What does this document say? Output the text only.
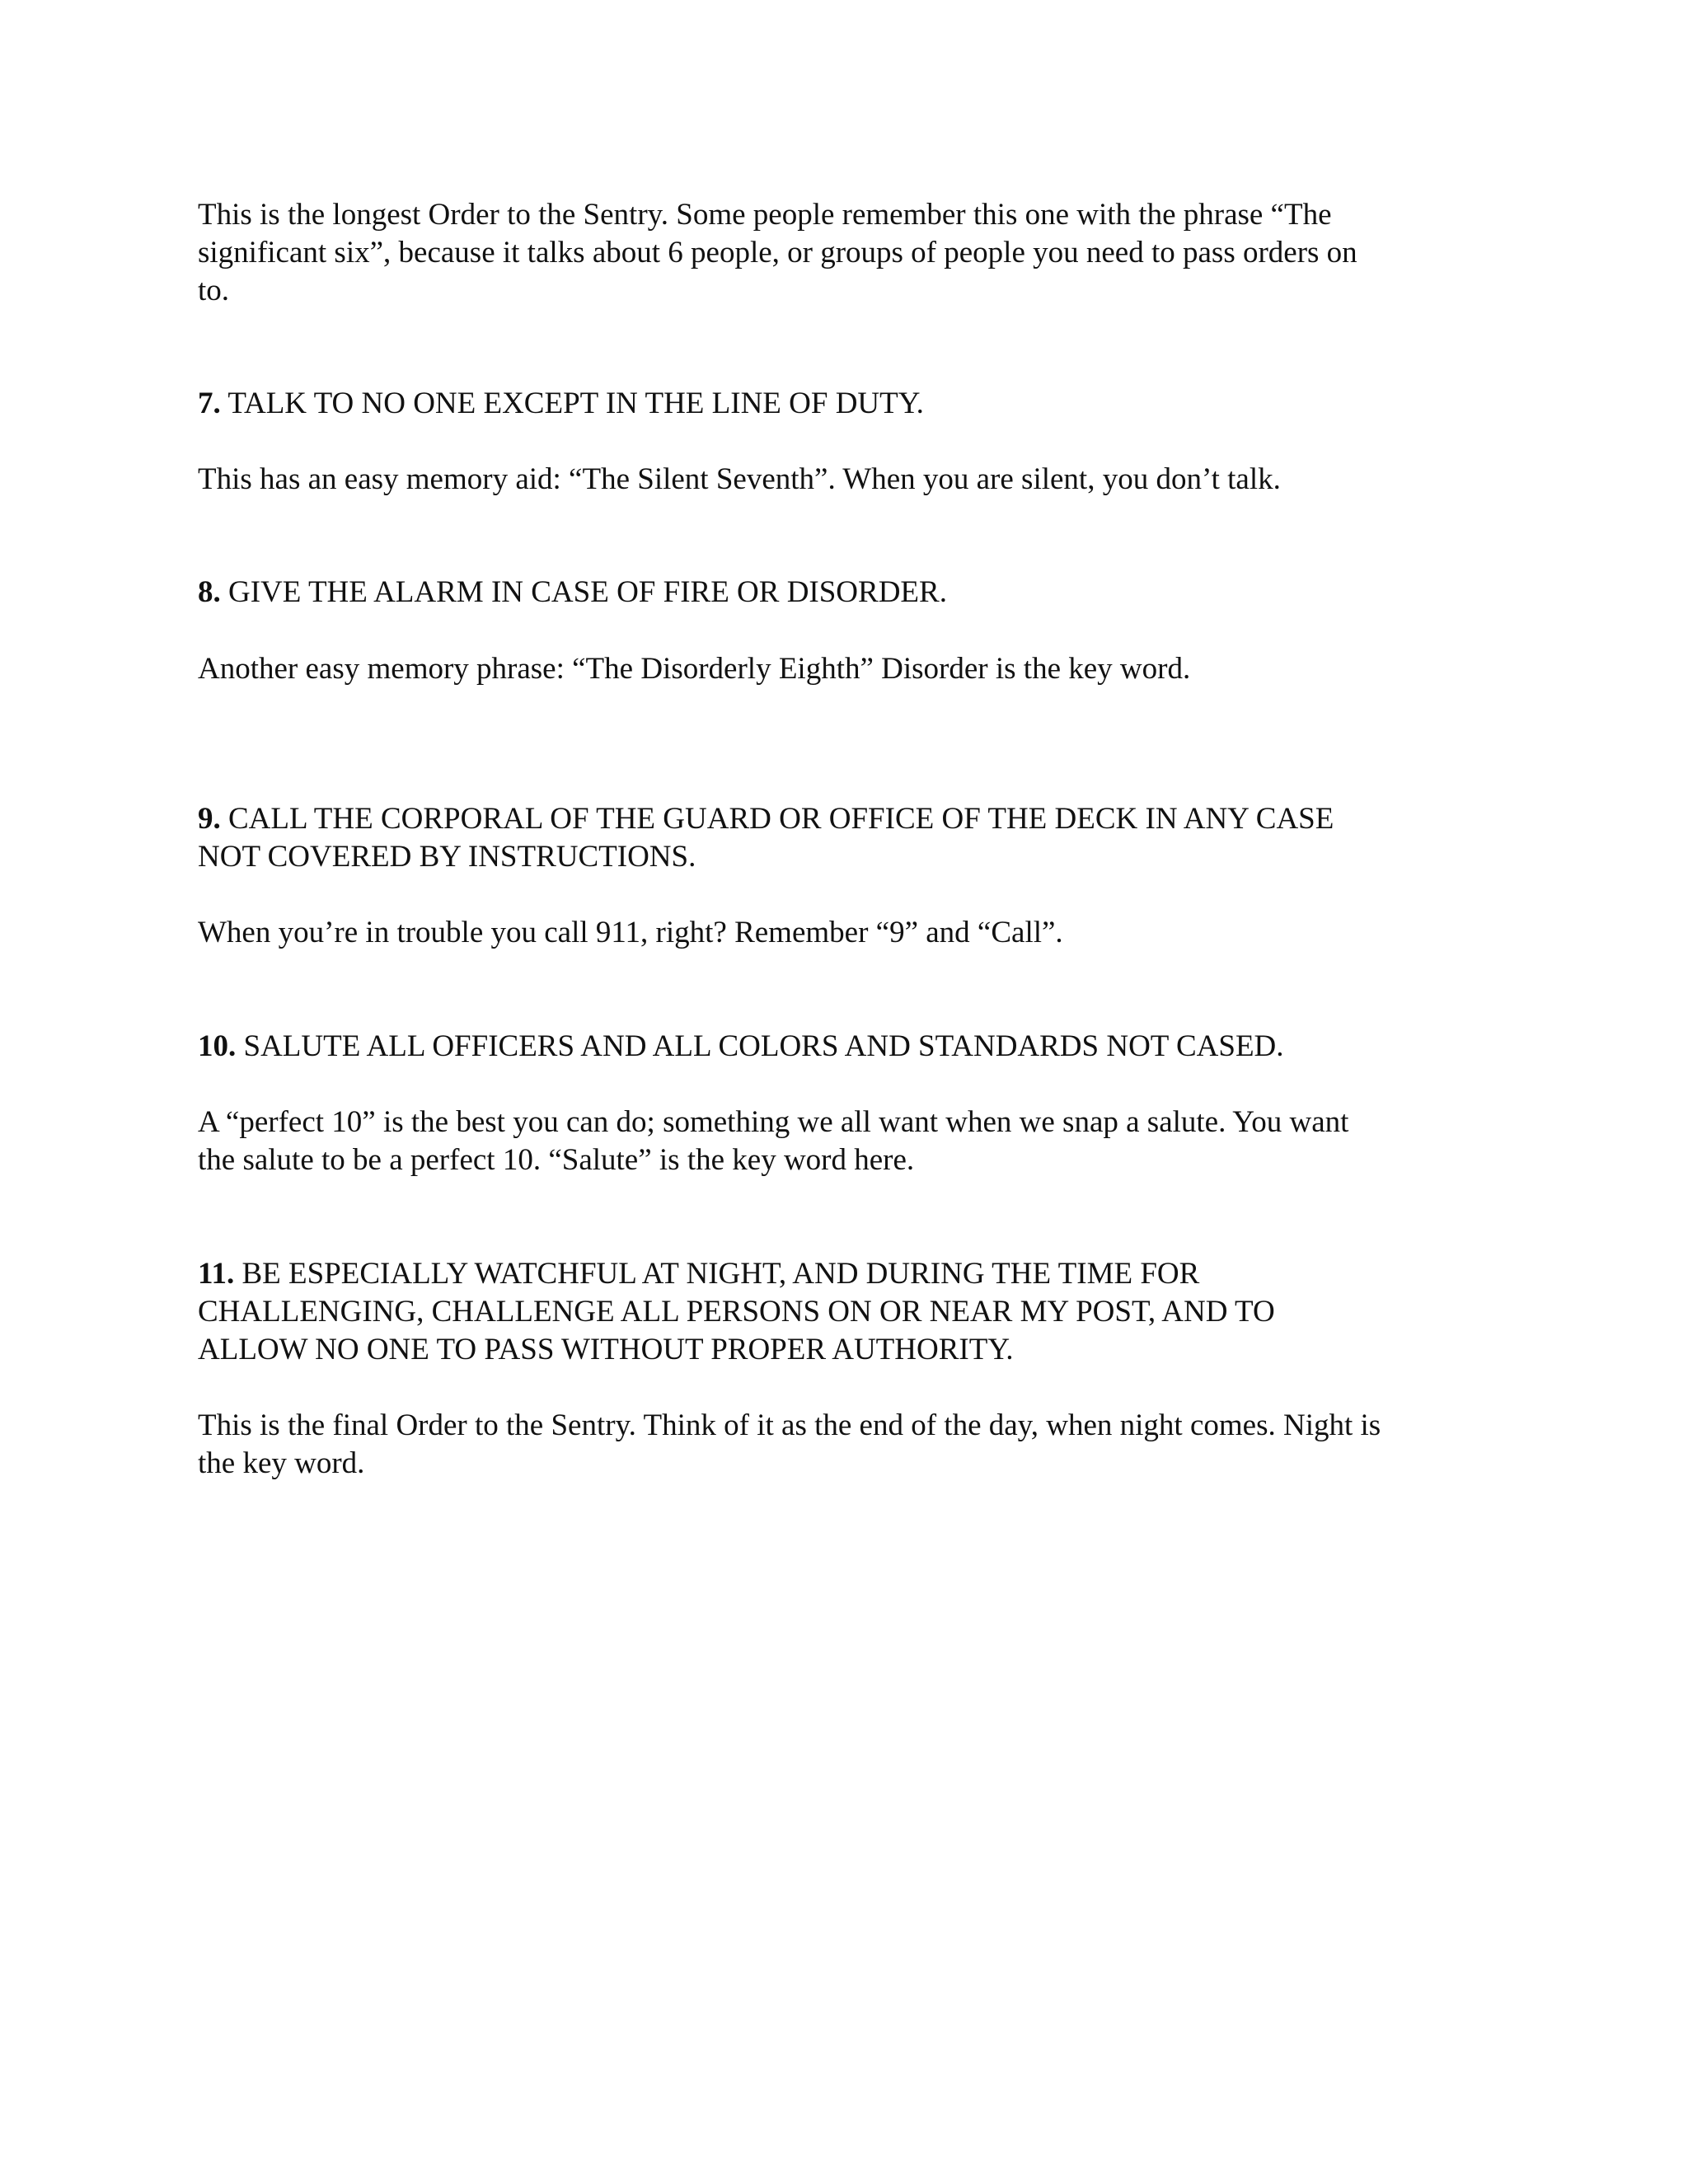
This is the longest Order to the Sentry. Some people remember this one with the phrase “The
significant six”, because it talks about 6 people, or groups of people you need to pass orders on
to.

7. TALK TO NO ONE EXCEPT IN THE LINE OF DUTY.

This has an easy memory aid: “The Silent Seventh”. When you are silent, you don’t talk.

8. GIVE THE ALARM IN CASE OF FIRE OR DISORDER.

Another easy memory phrase: “The Disorderly Eighth” Disorder is the key word.

9. CALL THE CORPORAL OF THE GUARD OR OFFICE OF THE DECK IN ANY CASE
NOT COVERED BY INSTRUCTIONS.

When you’re in trouble you call 911, right? Remember “9” and “Call”.

10. SALUTE ALL OFFICERS AND ALL COLORS AND STANDARDS NOT CASED.

A “perfect 10” is the best you can do; something we all want when we snap a salute. You want
the salute to be a perfect 10. “Salute” is the key word here.

11. BE ESPECIALLY WATCHFUL AT NIGHT, AND DURING THE TIME FOR
CHALLENGING, CHALLENGE ALL PERSONS ON OR NEAR MY POST, AND TO
ALLOW NO ONE TO PASS WITHOUT PROPER AUTHORITY.

This is the final Order to the Sentry. Think of it as the end of the day, when night comes. Night is
the key word.
